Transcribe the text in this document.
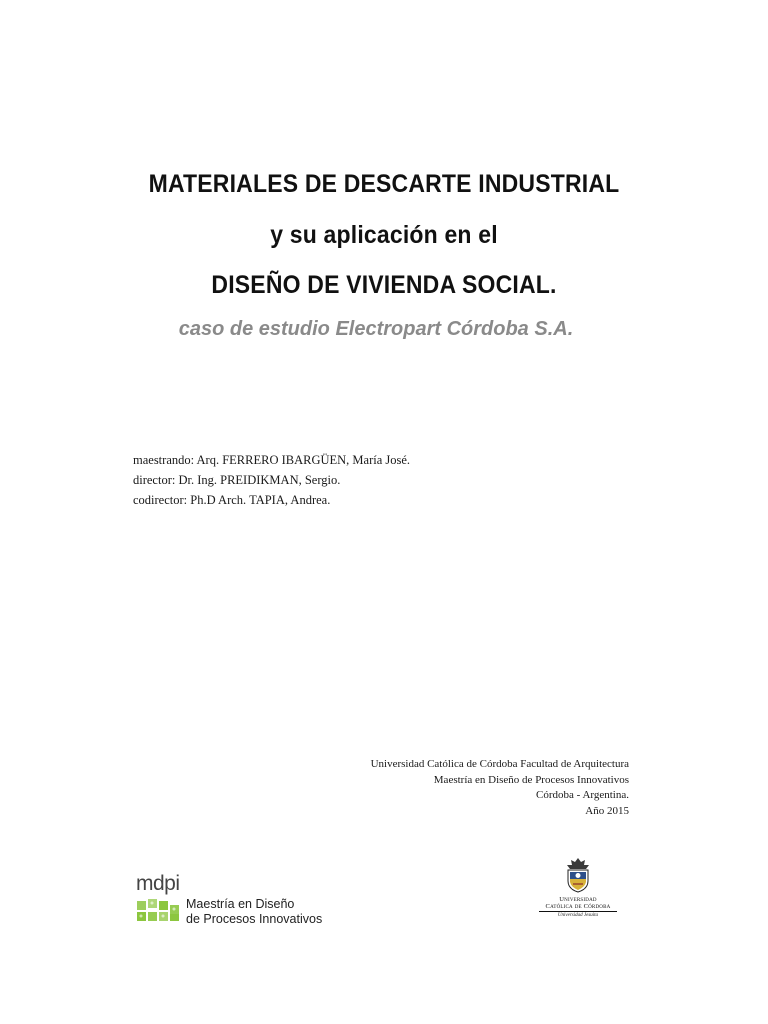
MATERIALES DE DESCARTE INDUSTRIAL
y su aplicación en el
DISEÑO DE VIVIENDA SOCIAL.
caso de estudio Electropart Córdoba S.A.
maestrando: Arq. FERRERO IBARGÜEN, María José.
director: Dr. Ing. PREIDIKMAN, Sergio.
codirector: Ph.D Arch. TAPIA, Andrea.
Universidad Católica de Córdoba Facultad de Arquitectura
Maestría en Diseño de Procesos Innovativos
Córdoba - Argentina.
Año 2015
mdpi
Maestría en Diseño
de Procesos Innovativos
Universidad
Católica de Córdoba
Universidad Jesuita
